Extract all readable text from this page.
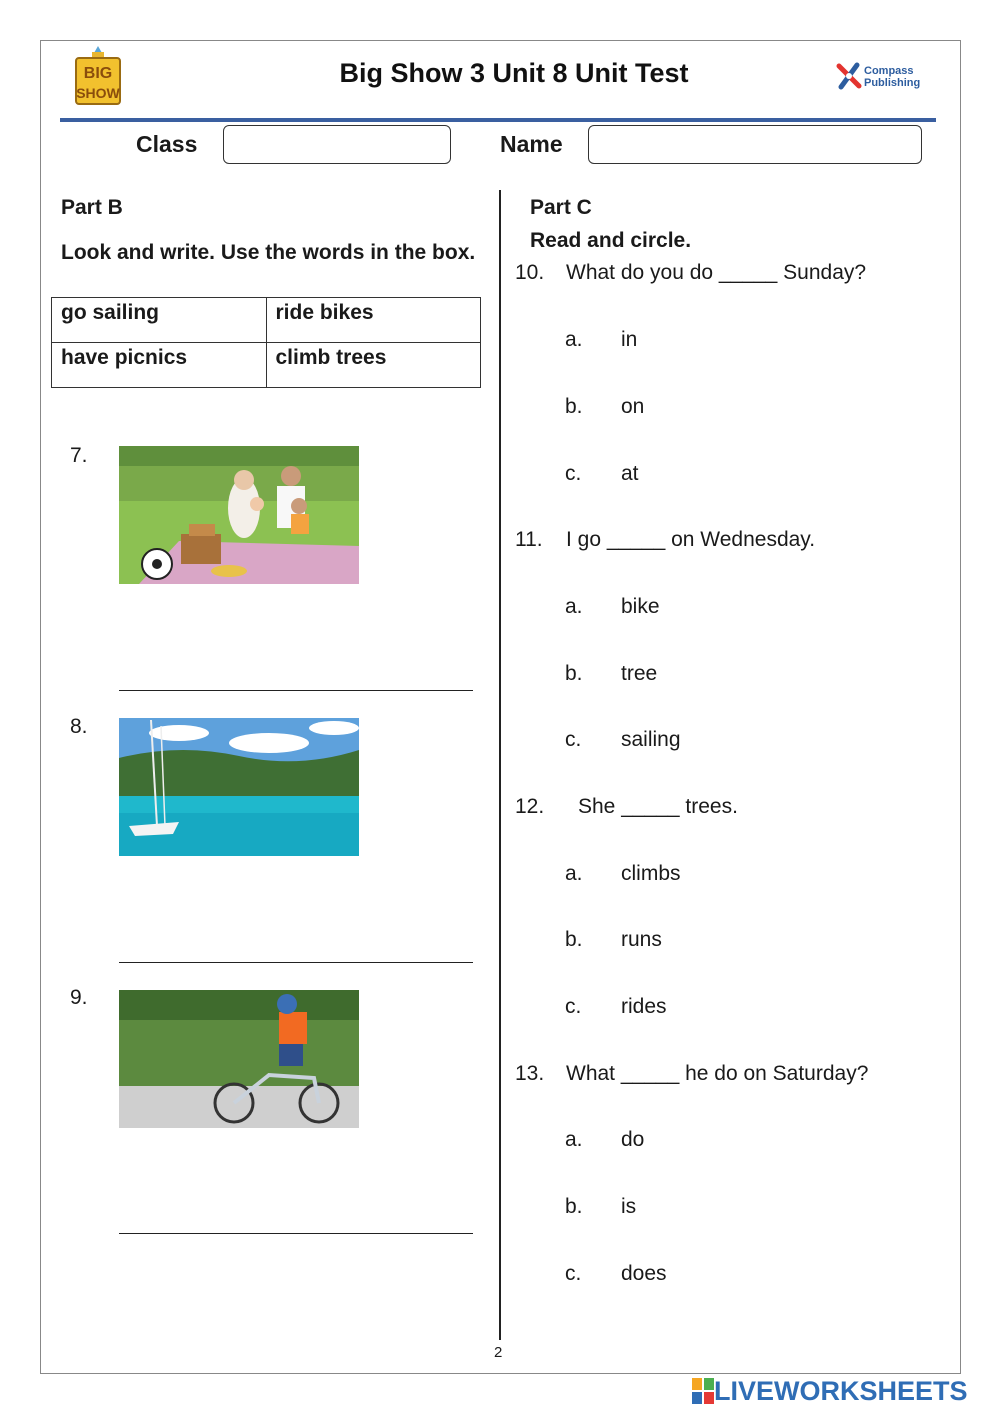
BIG
SHOW
Big Show 3 Unit 8 Unit Test	Compass
Publishing
Class	Name
Part B
Look and write. Use the words in the box.
go sailing	ride bikes
have picnics	climb trees
7.
8.
9.
Part C
Read and circle.
10. What do you do _____ Sunday?
a. in
b. on
c. at
11. I go _____ on Wednesday.
a. bike
b. tree
c. sailing
12. She _____ trees.
a. climbs
b. runs
c. rides
13. What _____ he do on Saturday?
a. do
b. is
c. does
2
LIVEWORKSHEETS
